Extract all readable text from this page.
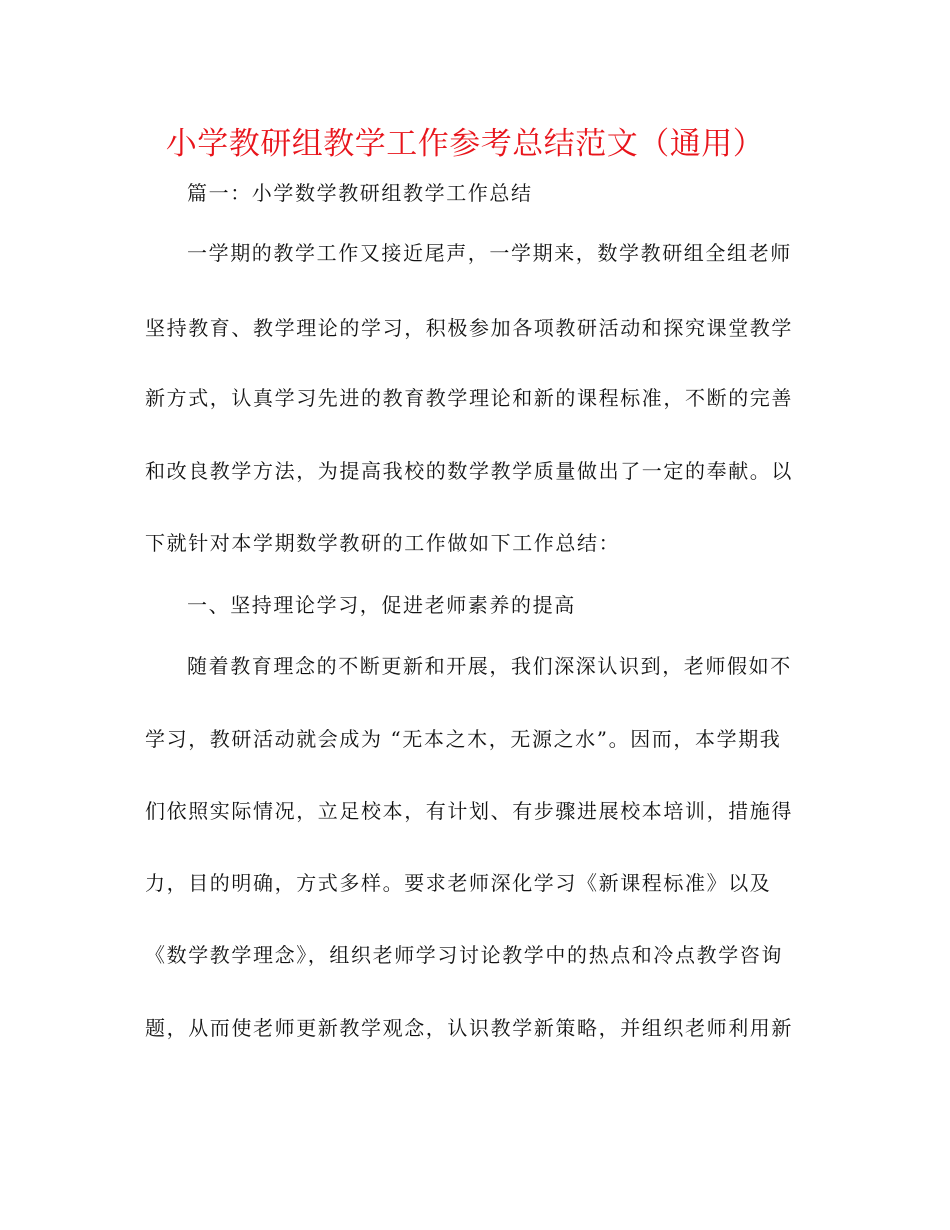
小学教研组教学工作参考总结范文（通用）

篇一：小学数学教研组教学工作总结

一学期的教学工作又接近尾声，一学期来，数学教研组全组老师

坚持教育、教学理论的学习，积极参加各项教研活动和探究课堂教学

新方式，认真学习先进的教育教学理论和新的课程标准，不断的完善

和改良教学方法，为提高我校的数学教学质量做出了一定的奉献。以

下就针对本学期数学教研的工作做如下工作总结：

一、坚持理论学习，促进老师素养的提高

随着教育理念的不断更新和开展，我们深深认识到，老师假如不

学习，教研活动就会成为 “无本之木，无源之水”。因而，本学期我

们依照实际情况，立足校本，有计划、有步骤进展校本培训，措施得

力，目的明确，方式多样。要求老师深化学习《新课程标准》以及

《数学教学理念》，组织老师学习讨论教学中的热点和冷点教学咨询

题，从而使老师更新教学观念，认识教学新策略，并组织老师利用新
